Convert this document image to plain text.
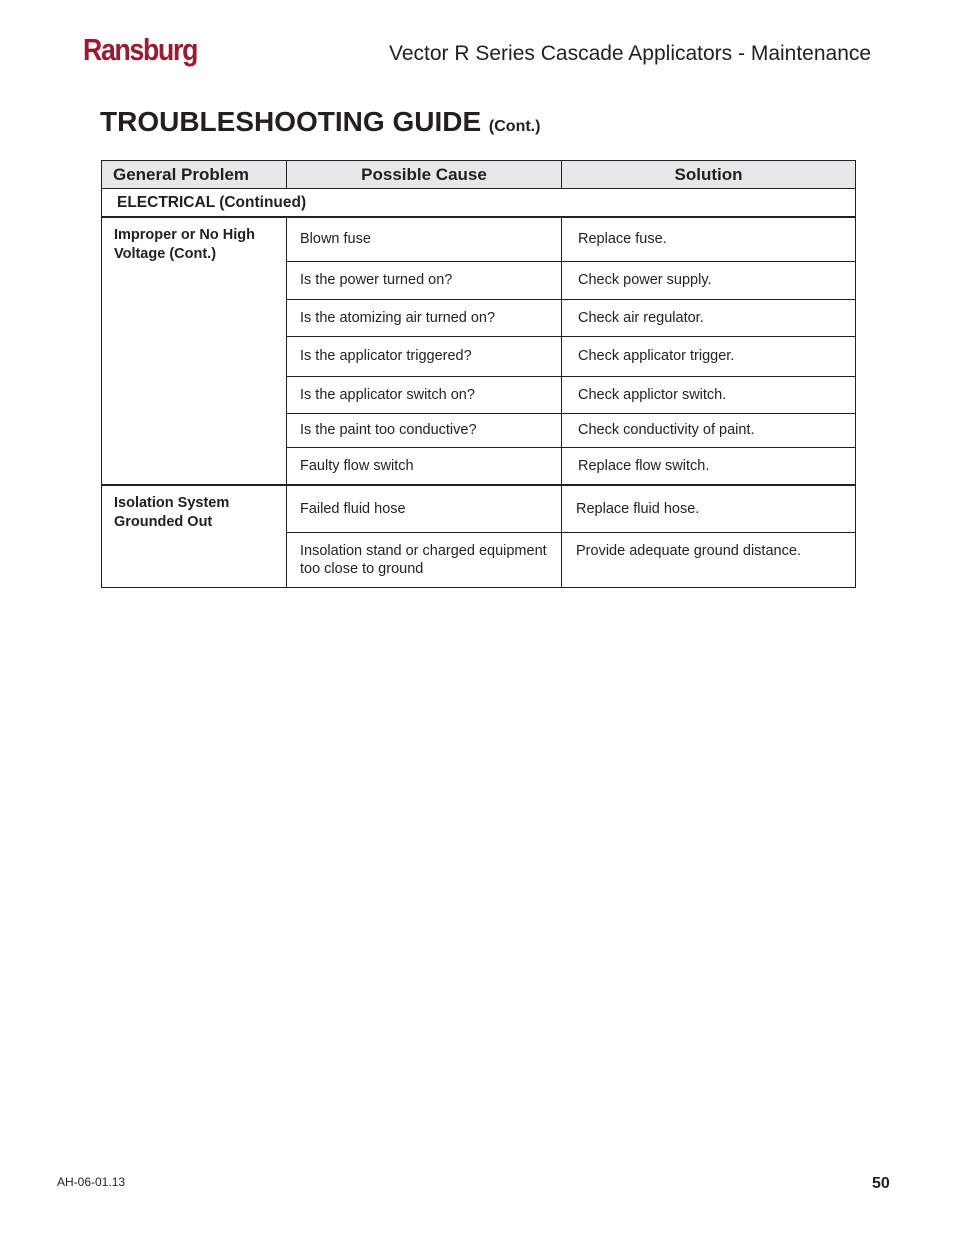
Ransburg	Vector R Series Cascade Applicators - Maintenance
TROUBLESHOOTING GUIDE (Cont.)
General Problem	Possible Cause	Solution
ELECTRICAL (Continued)		
Improper or No High Voltage (Cont.)	Blown fuse	Replace fuse.
	Is the power turned on?	Check power supply.
	Is the atomizing air turned on?	Check air regulator.
	Is the applicator triggered?	Check applicator trigger.
	Is the applicator switch on?	Check applictor switch.
	Is the paint too conductive?	Check conductivity of paint.
	Faulty flow switch	Replace flow switch.
Isolation System Grounded Out	Failed fluid hose	Replace fluid hose.
	Insolation stand or charged equipment too close to ground	Provide adequate ground distance.
AH-06-01.13	50
